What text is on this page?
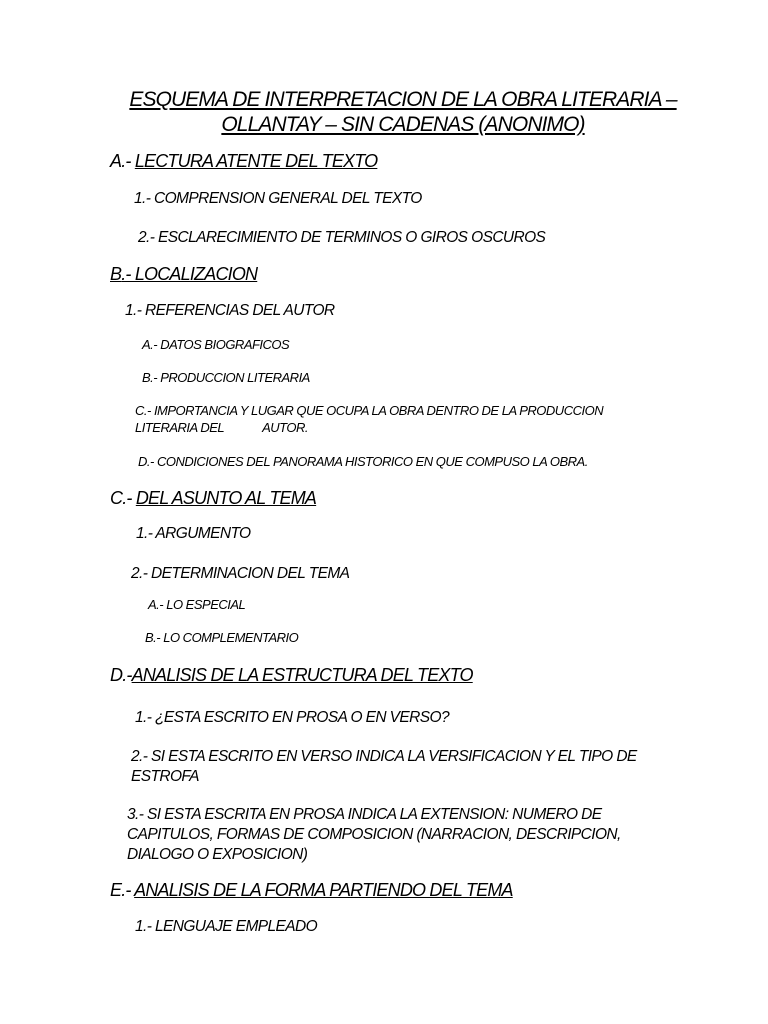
ESQUEMA DE INTERPRETACION DE LA OBRA LITERARIA –

OLLANTAY – SIN CADENAS (ANONIMO)

A.- LECTURA ATENTE DEL TEXTO

1.- COMPRENSION GENERAL DEL TEXTO

2.- ESCLARECIMIENTO DE TERMINOS O GIROS OSCUROS

B.- LOCALIZACION

1.- REFERENCIAS DEL AUTOR

A.- DATOS BIOGRAFICOS

B.- PRODUCCION LITERARIA

C.- IMPORTANCIA Y LUGAR QUE OCUPA LA OBRA DENTRO DE LA PRODUCCION

LITERARIA DEL	AUTOR.

D.- CONDICIONES DEL PANORAMA HISTORICO EN QUE COMPUSO LA OBRA.

C.- DEL ASUNTO AL TEMA

1.- ARGUMENTO

2.- DETERMINACION DEL TEMA

A.- LO ESPECIAL

B.- LO COMPLEMENTARIO

D.-ANALISIS DE LA ESTRUCTURA DEL TEXTO

1.- ¿ESTA ESCRITO EN PROSA O EN VERSO?

2.- SI ESTA ESCRITO EN VERSO INDICA LA VERSIFICACION Y EL TIPO DE

ESTROFA

3.- SI ESTA ESCRITA EN PROSA INDICA LA EXTENSION: NUMERO DE

CAPITULOS, FORMAS DE COMPOSICION (NARRACION, DESCRIPCION,

DIALOGO O EXPOSICION)

E.- ANALISIS DE LA FORMA PARTIENDO DEL TEMA

1.- LENGUAJE EMPLEADO
